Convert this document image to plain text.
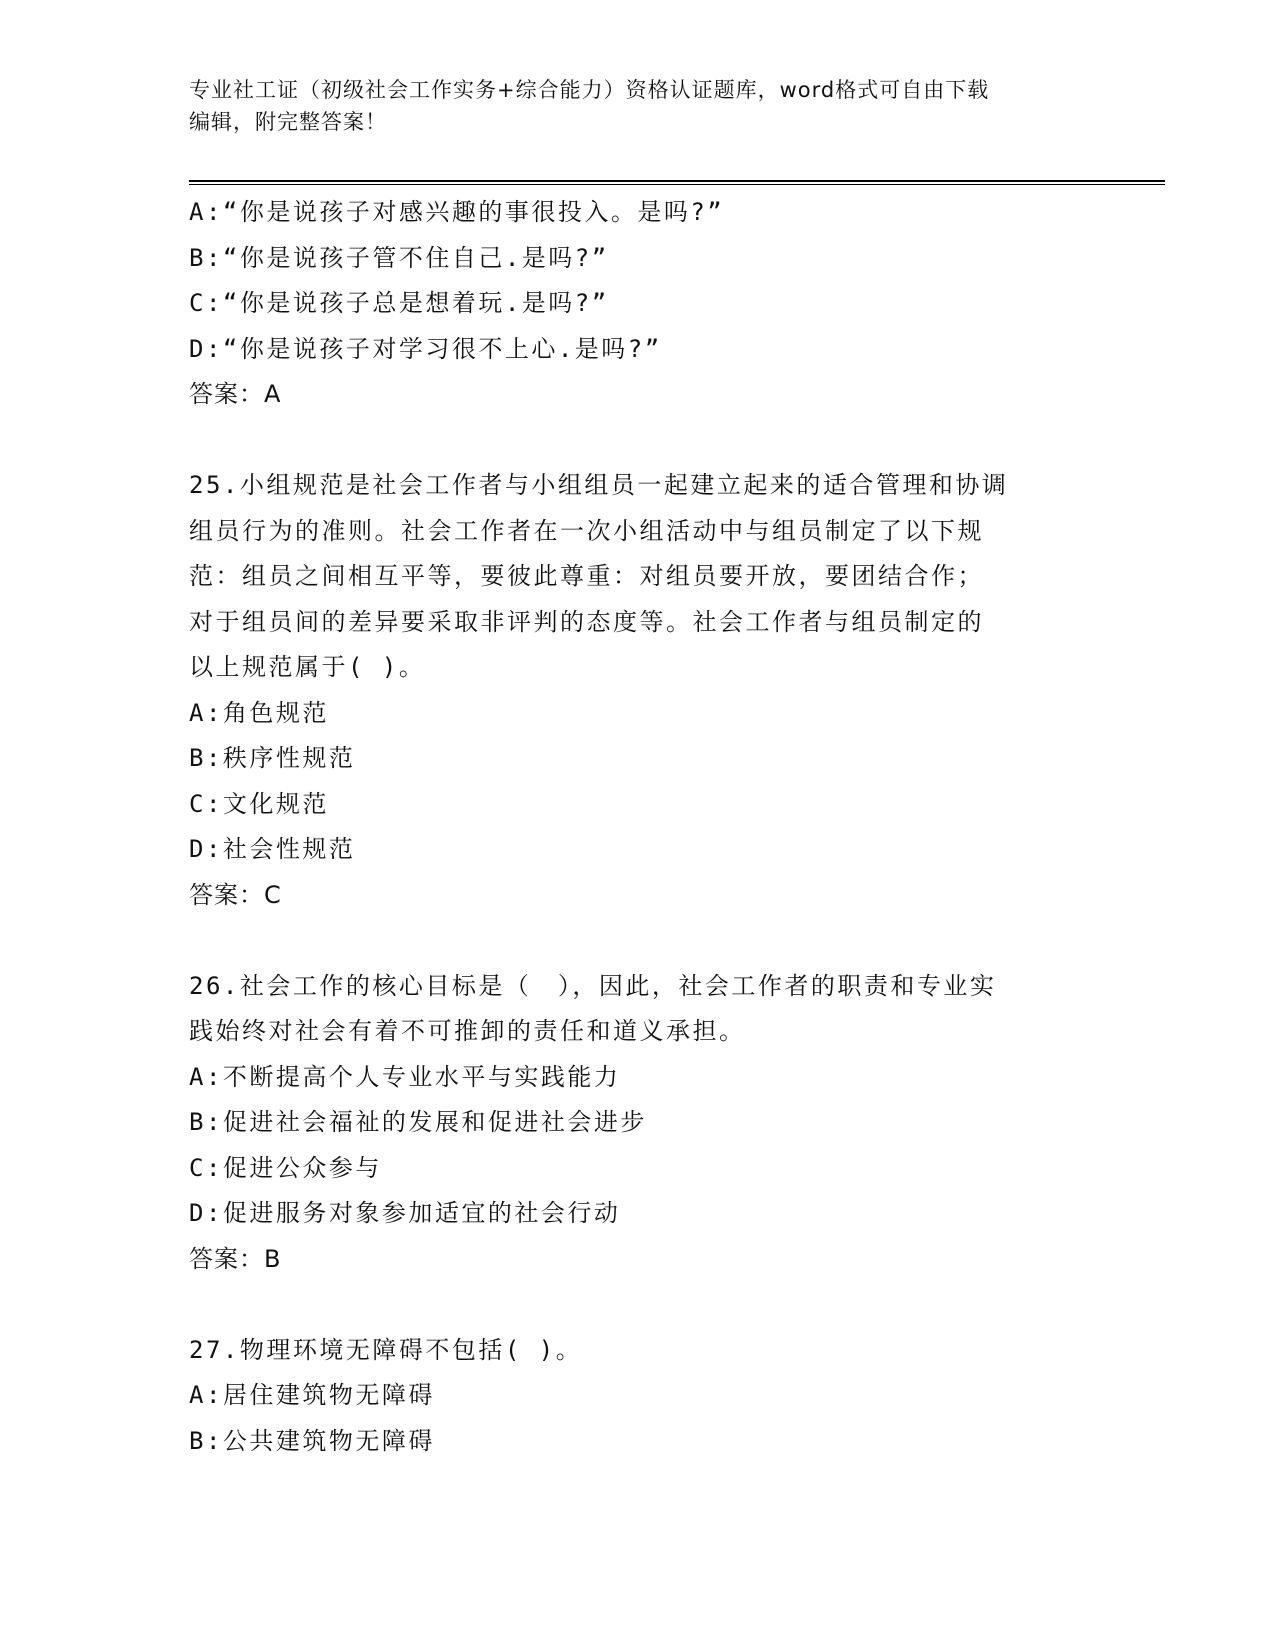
专业社工证（初级社会工作实务+综合能力）资格认证题库，word格式可自由下载
编辑，附完整答案！
A:“你是说孩子对感兴趣的事很投入。是吗?”
B:“你是说孩子管不住自己.是吗?”
C:“你是说孩子总是想着玩.是吗?”
D:“你是说孩子对学习很不上心.是吗?”
答案：A
25.小组规范是社会工作者与小组组员一起建立起来的适合管理和协调
组员行为的准则。社会工作者在一次小组活动中与组员制定了以下规
范：组员之间相互平等，要彼此尊重：对组员要开放，要团结合作；
对于组员间的差异要采取非评判的态度等。社会工作者与组员制定的
以上规范属于( )。
A:角色规范
B:秩序性规范
C:文化规范
D:社会性规范
答案：C
26.社会工作的核心目标是（　），因此，社会工作者的职责和专业实
践始终对社会有着不可推卸的责任和道义承担。
A:不断提高个人专业水平与实践能力
B:促进社会福祉的发展和促进社会进步
C:促进公众参与
D:促进服务对象参加适宜的社会行动
答案：B
27.物理环境无障碍不包括( )。
A:居住建筑物无障碍
B:公共建筑物无障碍
